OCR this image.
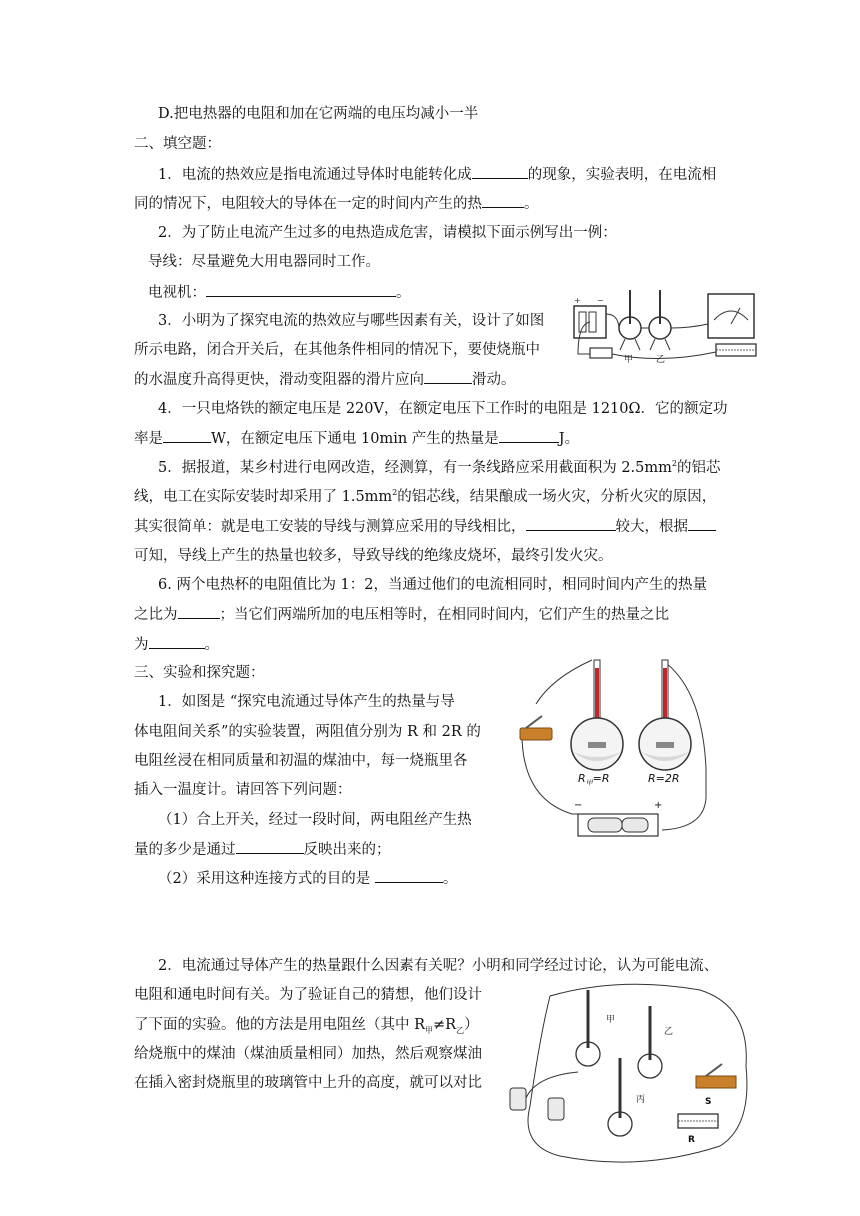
D.把电热器的电阻和加在它两端的电压均减小一半
二、填空题：
1．电流的热效应是指电流通过导体时电能转化成	的现象，实验表明，在电流相
同的情况下，电阻较大的导体在一定的时间内产生的热	。
2．为了防止电流产生过多的电热造成危害，请模拟下面示例写出一例：
导线：尽量避免大用电器同时工作。
电视机：	。
3．小明为了探究电流的热效应与哪些因素有关，设计了如图
所示电路，闭合开关后，在其他条件相同的情况下，要使烧瓶中
的水温度升高得更快，滑动变阻器的滑片应向	滑动。
4．一只电烙铁的额定电压是 220V，在额定电压下工作时的电阻是 1210Ω．它的额定功
率是	W，在额定电压下通电 10min 产生的热量是	J。
5．据报道，某乡村进行电网改造，经测算，有一条线路应采用截面积为 $2.5mm^2$的铝芯
线，电工在实际安装时却采用了 $1.5mm^2$的铝芯线，结果酿成一场火灾，分析火灾的原因，
其实很简单：就是电工安装的导线与测算应采用的导线相比，	较大，根据
可知，导线上产生的热量也较多，导致导线的绝缘皮烧坏，最终引发火灾。
6. 两个电热杯的电阻值比为 1：2，当通过他们的电流相同时，相同时间内产生的热量
之比为	；当它们两端所加的电压相等时，在相同时间内，它们产生的热量之比
为	。
三、实验和探究题：
1．如图是 “探究电流通过导体产生的热量与导
体电阻间关系”的实验装置，两阻值分别为 R 和 2R 的
电阻丝浸在相同质量和初温的煤油中，每一烧瓶里各
插入一温度计。请回答下列问题：
（1）合上开关，经过一段时间，两电阻丝产生热
量的多少是通过	反映出来的；
（2）采用这种连接方式的目的是	。
2．电流通过导体产生的热量跟什么因素有关呢？小明和同学经过讨论，认为可能电流、
电阻和通电时间有关。为了验证自己的猜想，他们设计
了下面的实验。他的方法是用电阻丝（其中 $R_甲\ne R_乙$）
给烧瓶中的煤油（煤油质量相同）加热，然后观察煤油
在插入密封烧瓶里的玻璃管中上升的高度，就可以对比
+ −
甲	乙
$R_甲=R$	R=2R
−	+
甲
乙
丙	S
R
